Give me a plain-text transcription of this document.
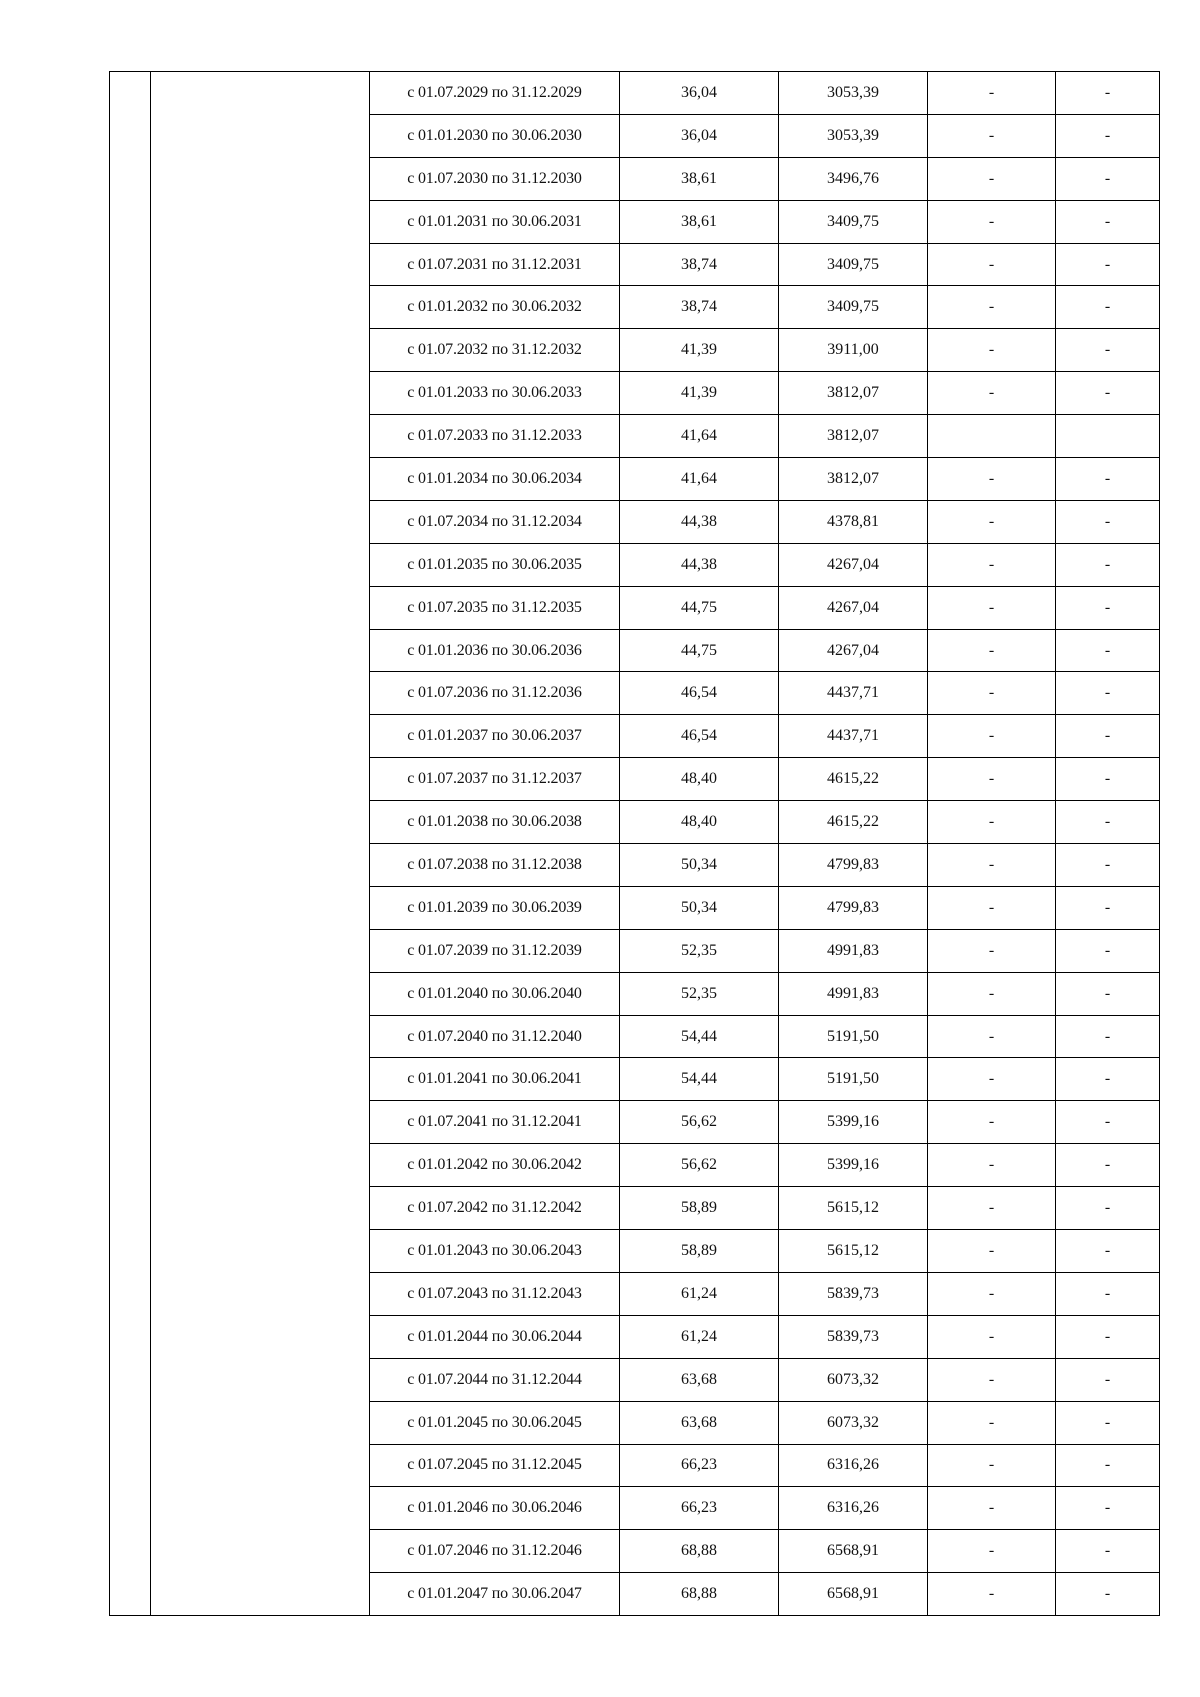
		с 01.07.2029 по 31.12.2029	36,04	3053,39	-	-
		с 01.01.2030 по 30.06.2030	36,04	3053,39	-	-
		с 01.07.2030 по 31.12.2030	38,61	3496,76	-	-
		с 01.01.2031 по 30.06.2031	38,61	3409,75	-	-
		с 01.07.2031 по 31.12.2031	38,74	3409,75	-	-
		с 01.01.2032 по 30.06.2032	38,74	3409,75	-	-
		с 01.07.2032 по 31.12.2032	41,39	3911,00	-	-
		с 01.01.2033 по 30.06.2033	41,39	3812,07	-	-
		с 01.07.2033 по 31.12.2033	41,64	3812,07		
		с 01.01.2034 по 30.06.2034	41,64	3812,07	-	-
		с 01.07.2034 по 31.12.2034	44,38	4378,81	-	-
		с 01.01.2035 по 30.06.2035	44,38	4267,04	-	-
		с 01.07.2035 по 31.12.2035	44,75	4267,04	-	-
		с 01.01.2036 по 30.06.2036	44,75	4267,04	-	-
		с 01.07.2036 по 31.12.2036	46,54	4437,71	-	-
		с 01.01.2037 по 30.06.2037	46,54	4437,71	-	-
		с 01.07.2037 по 31.12.2037	48,40	4615,22	-	-
		с 01.01.2038 по 30.06.2038	48,40	4615,22	-	-
		с 01.07.2038 по 31.12.2038	50,34	4799,83	-	-
		с 01.01.2039 по 30.06.2039	50,34	4799,83	-	-
		с 01.07.2039 по 31.12.2039	52,35	4991,83	-	-
		с 01.01.2040 по 30.06.2040	52,35	4991,83	-	-
		с 01.07.2040 по 31.12.2040	54,44	5191,50	-	-
		с 01.01.2041 по 30.06.2041	54,44	5191,50	-	-
		с 01.07.2041 по 31.12.2041	56,62	5399,16	-	-
		с 01.01.2042 по 30.06.2042	56,62	5399,16	-	-
		с 01.07.2042 по 31.12.2042	58,89	5615,12	-	-
		с 01.01.2043 по 30.06.2043	58,89	5615,12	-	-
		с 01.07.2043 по 31.12.2043	61,24	5839,73	-	-
		с 01.01.2044 по 30.06.2044	61,24	5839,73	-	-
		с 01.07.2044 по 31.12.2044	63,68	6073,32	-	-
		с 01.01.2045 по 30.06.2045	63,68	6073,32	-	-
		с 01.07.2045 по 31.12.2045	66,23	6316,26	-	-
		с 01.01.2046 по 30.06.2046	66,23	6316,26	-	-
		с 01.07.2046 по 31.12.2046	68,88	6568,91	-	-
		с 01.01.2047 по 30.06.2047	68,88	6568,91	-	-
